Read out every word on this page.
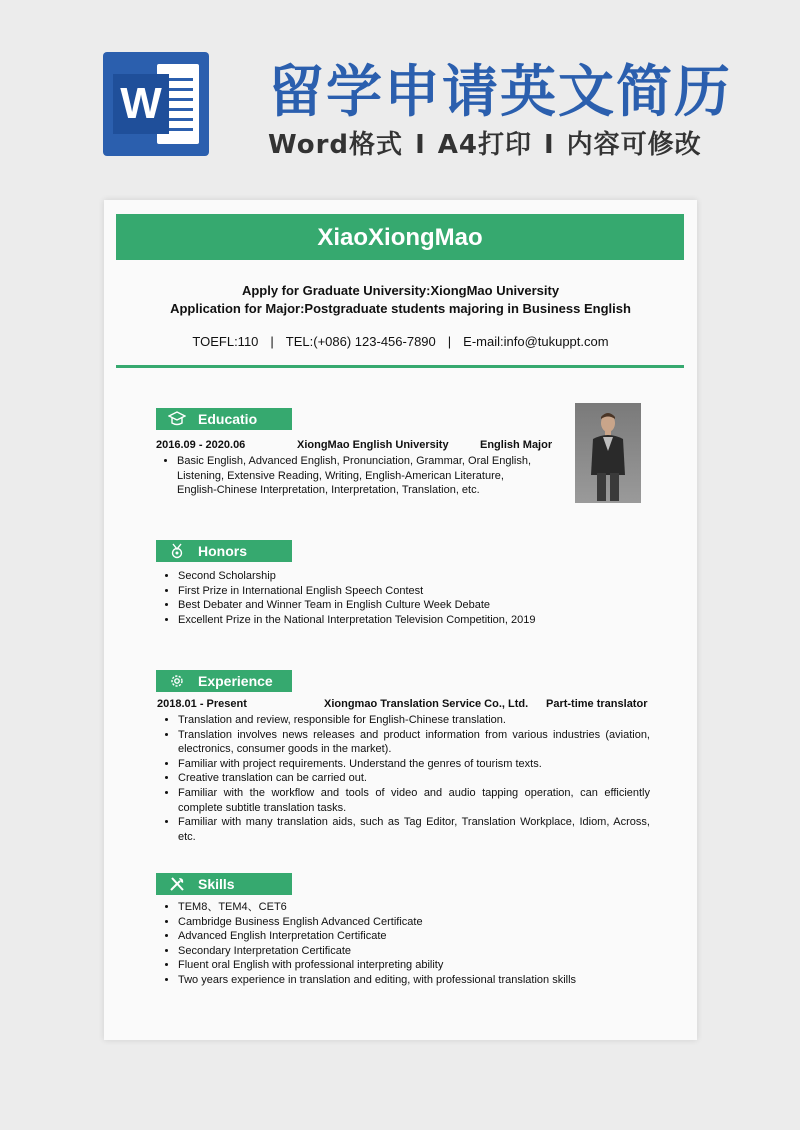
W 留学申请英文简历
Word格式 I A4打印 I 内容可修改
XiaoXiongMao
Apply for Graduate University:XiongMao University
Application for Major:Postgraduate students majoring in Business English
TOEFL:110 | TEL:(+086) 123-456-7890 | E-mail:info@tukuppt.com
Educatio
2016.09 - 2020.06	XiongMao English University	English Major
• Basic English, Advanced English, Pronunciation, Grammar, Oral English, Listening, Extensive Reading, Writing, English-American Literature, English-Chinese Interpretation, Interpretation, Translation, etc.
Honors
• Second Scholarship
• First Prize in International English Speech Contest
• Best Debater and Winner Team in English Culture Week Debate
• Excellent Prize in the National Interpretation Television Competition, 2019
Experience
2018.01 - Present	Xiongmao Translation Service Co., Ltd. Part-time translator
• Translation and review, responsible for English-Chinese translation.
• Translation involves news releases and product information from various industries (aviation, electronics, consumer goods in the market).
• Familiar with project requirements. Understand the genres of tourism texts.
• Creative translation can be carried out.
• Familiar with the workflow and tools of video and audio tapping operation, can efficiently complete subtitle translation tasks.
• Familiar with many translation aids, such as Tag Editor, Translation Workplace, Idiom, Across, etc.
Skills
• TEM8、TEM4、CET6
• Cambridge Business English Advanced Certificate
• Advanced English Interpretation Certificate
• Secondary Interpretation Certificate
• Fluent oral English with professional interpreting ability
• Two years experience in translation and editing, with professional translation skills
